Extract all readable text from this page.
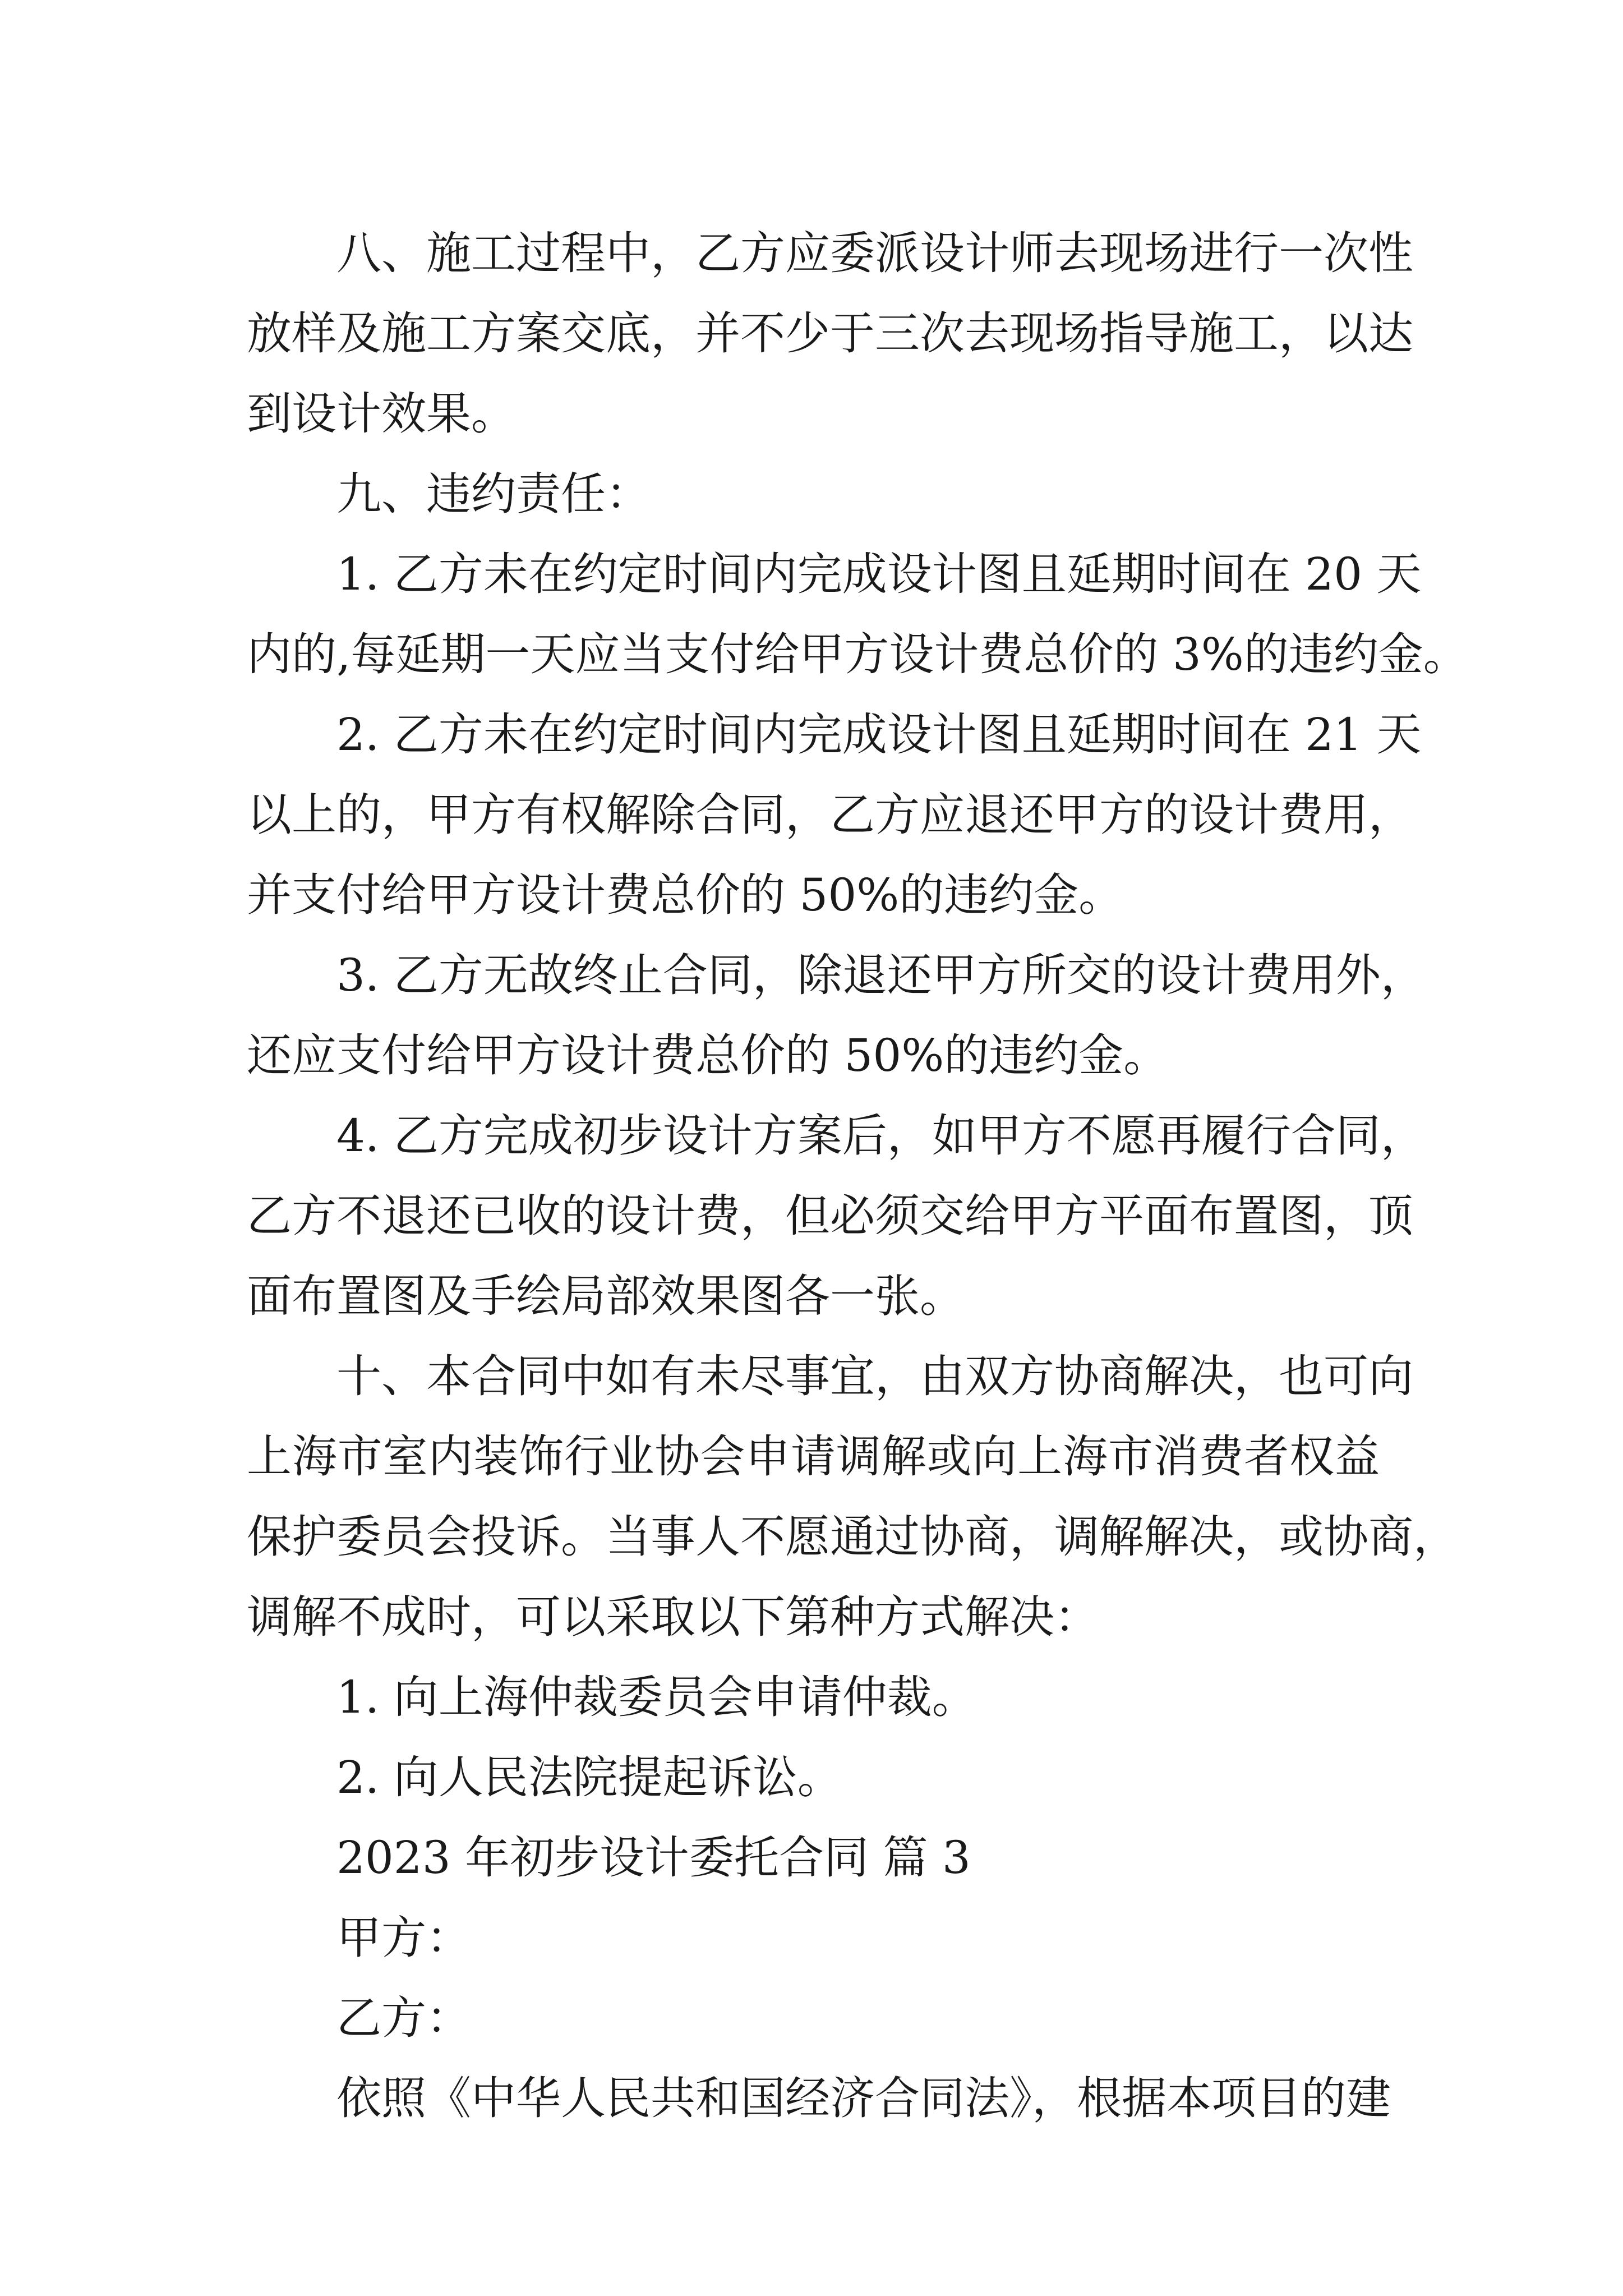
八、施工过程中，乙方应委派设计师去现场进行一次性
放样及施工方案交底，并不少于三次去现场指导施工，以达
到设计效果。
九、违约责任：
1. 乙方未在约定时间内完成设计图且延期时间在 20 天
内的,每延期一天应当支付给甲方设计费总价的 3%的违约金。
2. 乙方未在约定时间内完成设计图且延期时间在 21 天
以上的，甲方有权解除合同，乙方应退还甲方的设计费用，
并支付给甲方设计费总价的 50%的违约金。
3. 乙方无故终止合同，除退还甲方所交的设计费用外，
还应支付给甲方设计费总价的 50%的违约金。
4. 乙方完成初步设计方案后，如甲方不愿再履行合同，
乙方不退还已收的设计费，但必须交给甲方平面布置图，顶
面布置图及手绘局部效果图各一张。
十、本合同中如有未尽事宜，由双方协商解决，也可向
上海市室内装饰行业协会申请调解或向上海市消费者权益
保护委员会投诉。当事人不愿通过协商，调解解决，或协商，
调解不成时，可以采取以下第种方式解决：
1. 向上海仲裁委员会申请仲裁。
2. 向人民法院提起诉讼。
2023 年初步设计委托合同 篇 3
甲方：
乙方：
依照《中华人民共和国经济合同法》，根据本项目的建
